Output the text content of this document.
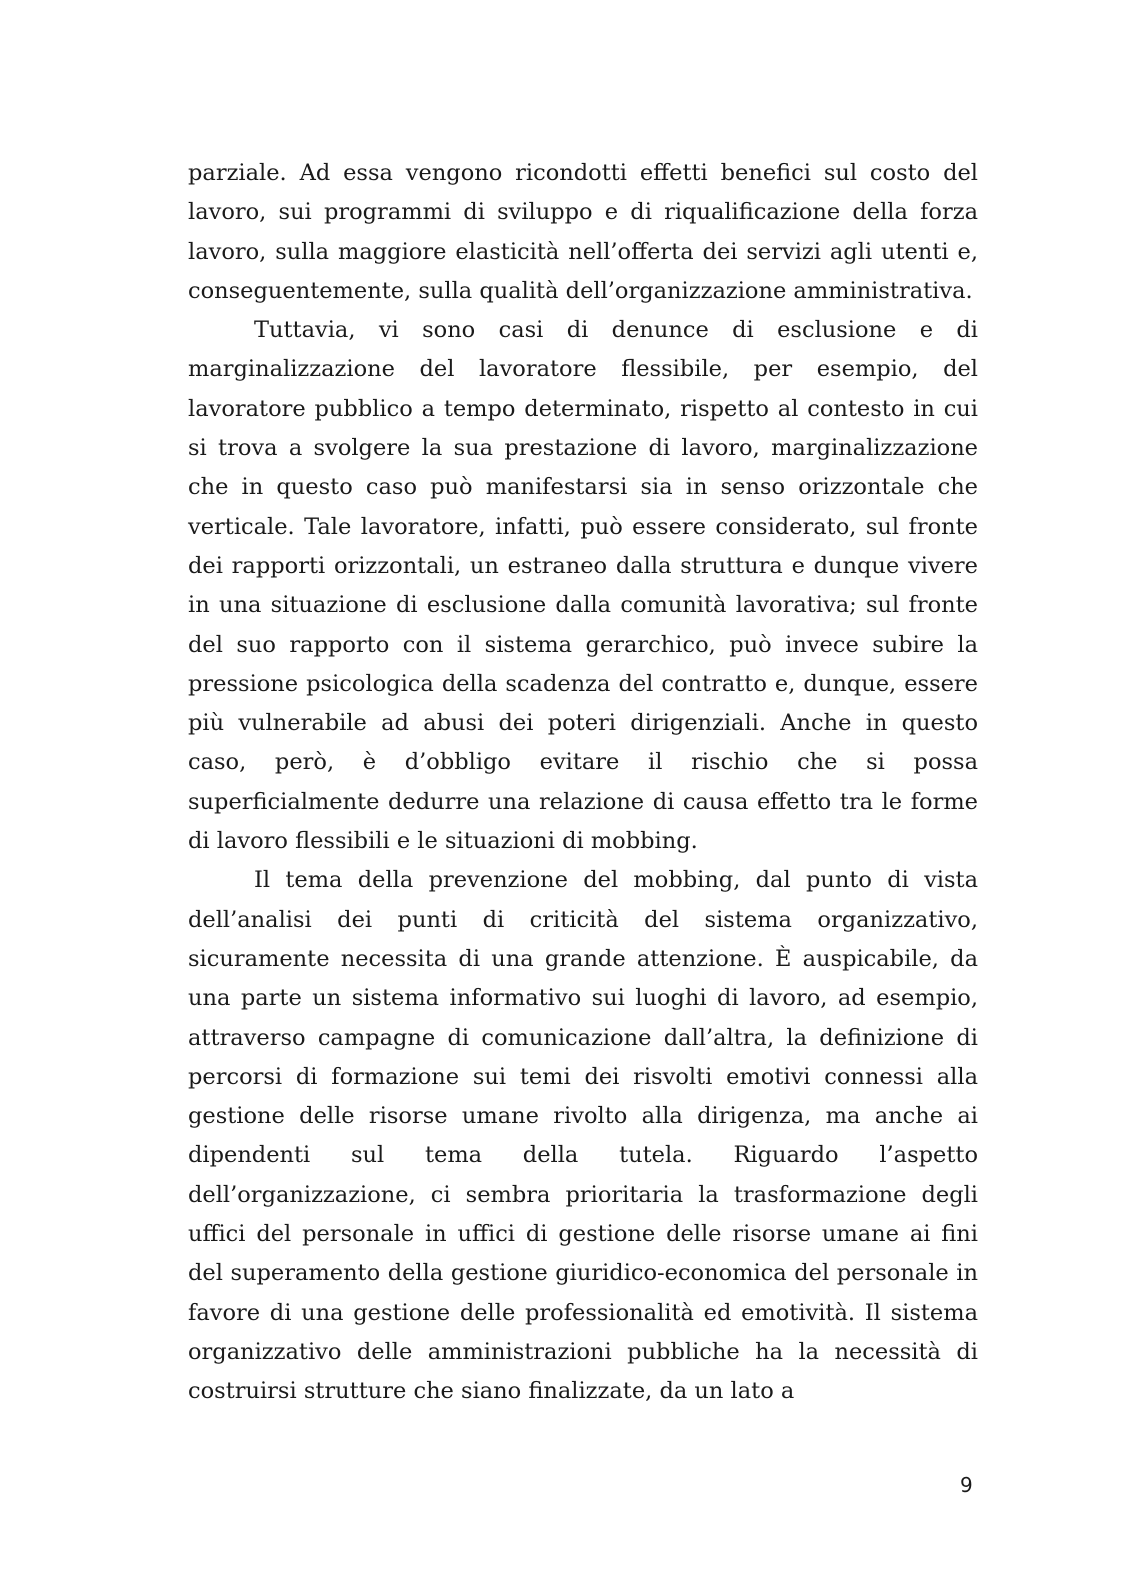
parziale. Ad essa vengono ricondotti effetti benefici sul costo del lavoro, sui programmi di sviluppo e di riqualificazione della forza lavoro, sulla maggiore elasticità nell’offerta dei servizi agli utenti e, conseguentemente, sulla qualità dell’organizzazione amministrativa.

Tuttavia, vi sono casi di denunce di esclusione e di marginalizzazione del lavoratore flessibile, per esempio, del lavoratore pubblico a tempo determinato, rispetto al contesto in cui si trova a svolgere la sua prestazione di lavoro, marginalizzazione che in questo caso può manifestarsi sia in senso orizzontale che verticale. Tale lavoratore, infatti, può essere considerato, sul fronte dei rapporti orizzontali, un estraneo dalla struttura e dunque vivere in una situazione di esclusione dalla comunità lavorativa; sul fronte del suo rapporto con il sistema gerarchico, può invece subire la pressione psicologica della scadenza del contratto e, dunque, essere più vulnerabile ad abusi dei poteri dirigenziali. Anche in questo caso, però, è d’obbligo evitare il rischio che si possa superficialmente dedurre una relazione di causa effetto tra le forme di lavoro flessibili e le situazioni di mobbing.

Il tema della prevenzione del mobbing, dal punto di vista dell’analisi dei punti di criticità del sistema organizzativo, sicuramente necessita di una grande attenzione. È auspicabile, da una parte un sistema informativo sui luoghi di lavoro, ad esempio, attraverso campagne di comunicazione dall’altra, la definizione di percorsi di formazione sui temi dei risvolti emotivi connessi alla gestione delle risorse umane rivolto alla dirigenza, ma anche ai dipendenti sul tema della tutela. Riguardo l’aspetto dell’organizzazione, ci sembra prioritaria la trasformazione degli uffici del personale in uffici di gestione delle risorse umane ai fini del superamento della gestione giuridico-economica del personale in favore di una gestione delle professionalità ed emotività. Il sistema organizzativo delle amministrazioni pubbliche ha la necessità di costruirsi strutture che siano finalizzate, da un lato a

9
